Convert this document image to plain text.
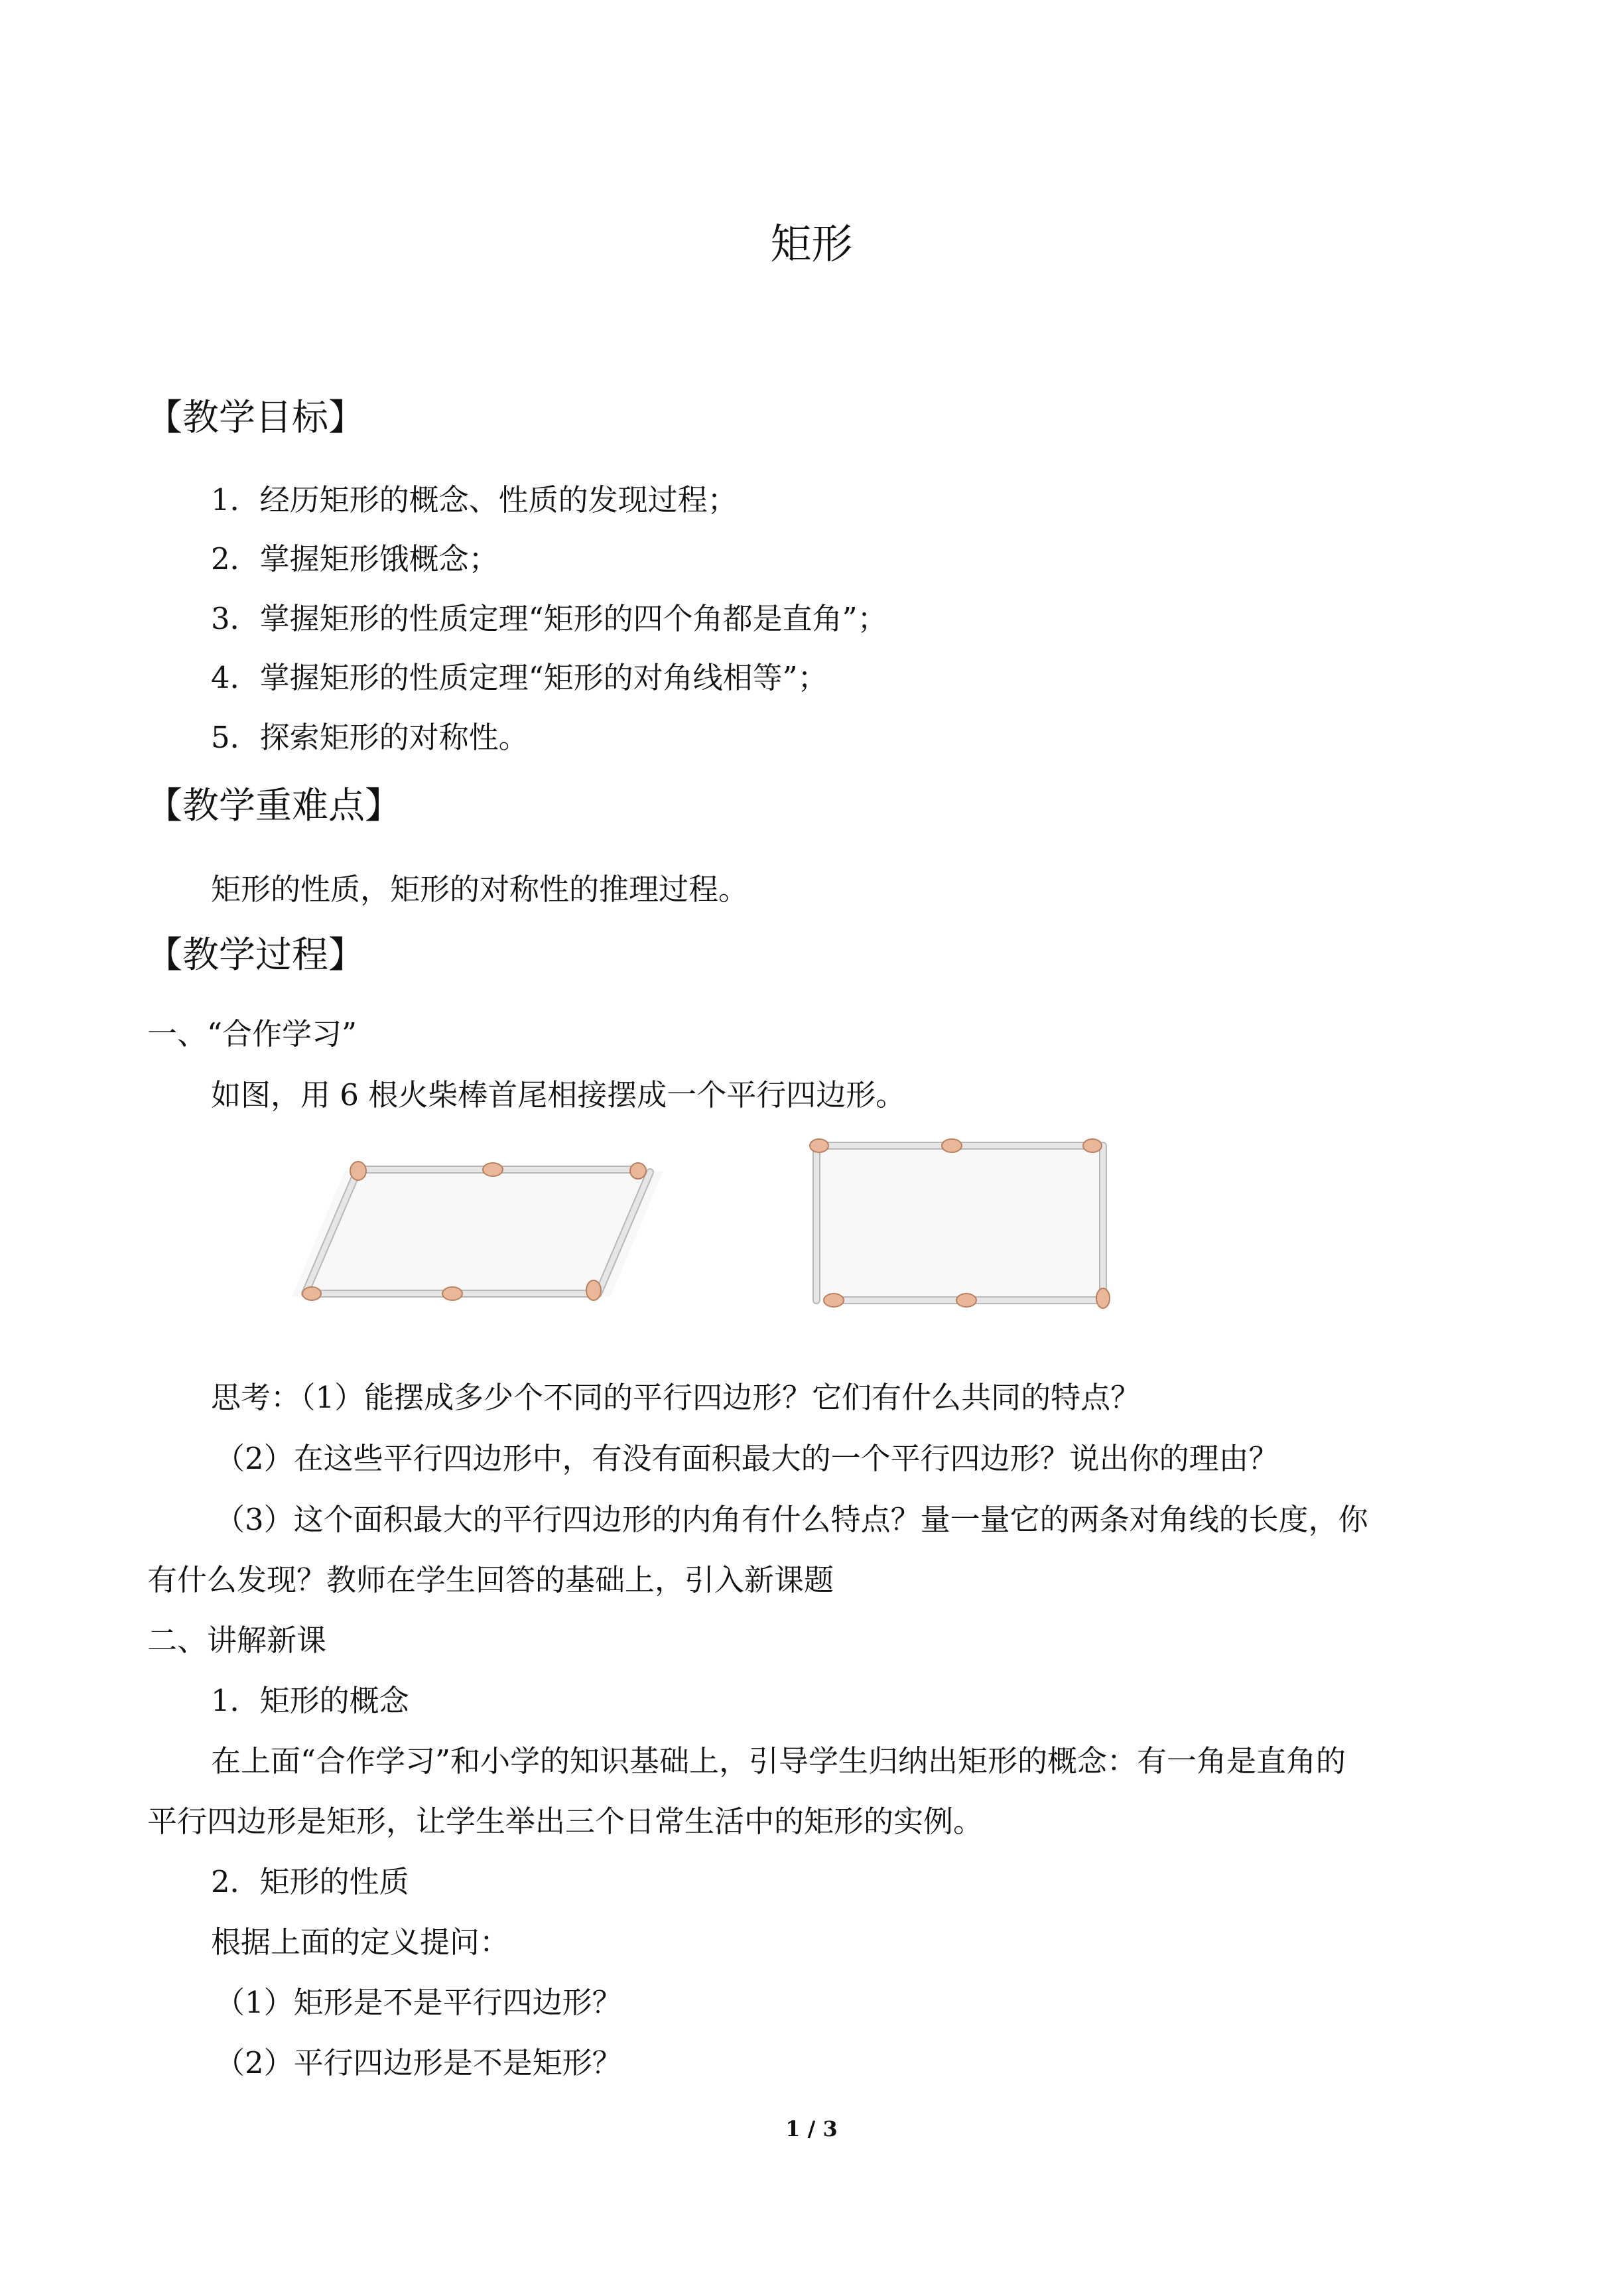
矩形
【教学目标】
1．经历矩形的概念、性质的发现过程；
2．掌握矩形饿概念；
3．掌握矩形的性质定理“矩形的四个角都是直角”；
4．掌握矩形的性质定理“矩形的对角线相等”；
5．探索矩形的对称性。
【教学重难点】
矩形的性质，矩形的对称性的推理过程。
【教学过程】
一、“合作学习”
如图，用 6 根火柴棒首尾相接摆成一个平行四边形。
思考：（1）能摆成多少个不同的平行四边形？它们有什么共同的特点？
（2）在这些平行四边形中，有没有面积最大的一个平行四边形？说出你的理由？
（3）这个面积最大的平行四边形的内角有什么特点？量一量它的两条对角线的长度，你
有什么发现？教师在学生回答的基础上，引入新课题
二、讲解新课
1．矩形的概念
在上面“合作学习”和小学的知识基础上，引导学生归纳出矩形的概念：有一角是直角的
平行四边形是矩形，让学生举出三个日常生活中的矩形的实例。
2．矩形的性质
根据上面的定义提问：
（1）矩形是不是平行四边形？
（2）平行四边形是不是矩形？
1 / 3
